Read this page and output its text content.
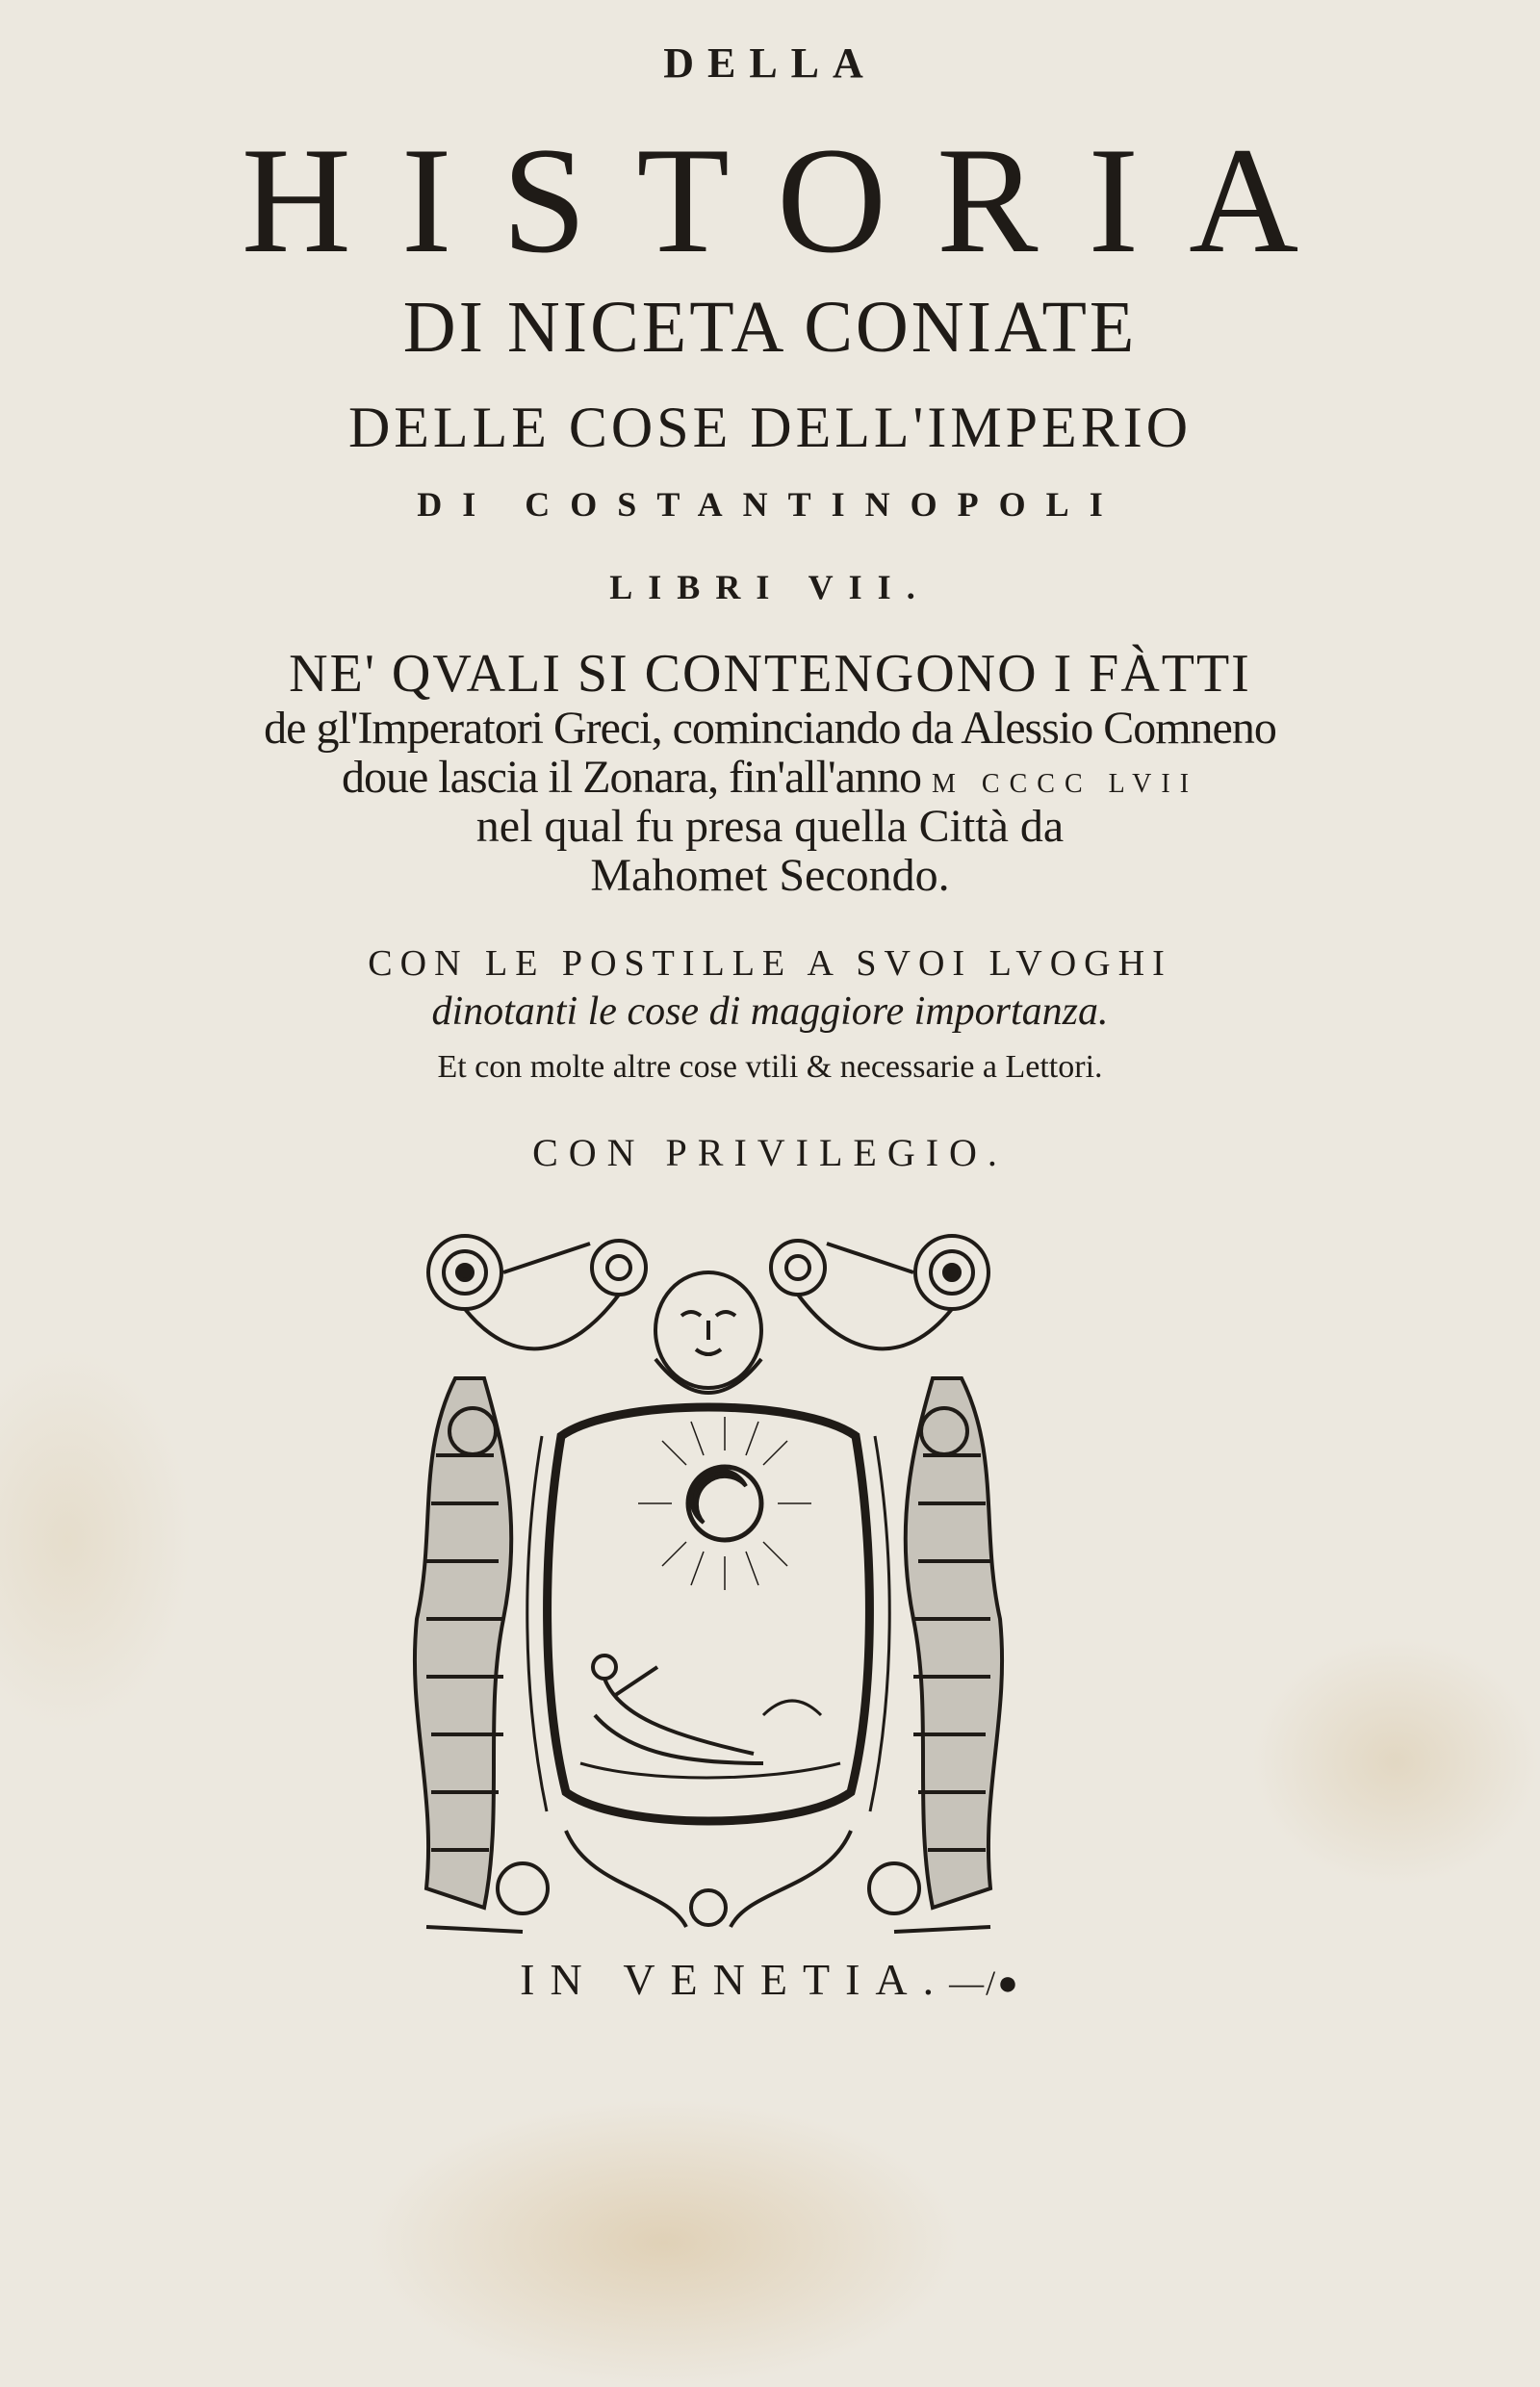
DELLA
HISTORIA
DI NICETA CONIATE
DELLE COSE DELL'IMPERIO
DI COSTANTINOPOLI
LIBRI VII.
NE' QVALI SI CONTENGONO I FÀTTI
de gl'Imperatori Greci, cominciando da Alessio Comneno
doue lascia il Zonara, fin'all'anno M CCCC LVII
nel qual fu presa quella Città da
Mahomet Secondo.
CON LE POSTILLE A SVOI LVOGHI
dinotanti le cose di maggiore importanza.
Et con molte altre cose vtili & necessarie a Lettori.
CON PRIVILEGIO.
IN VENETIA.—/●
